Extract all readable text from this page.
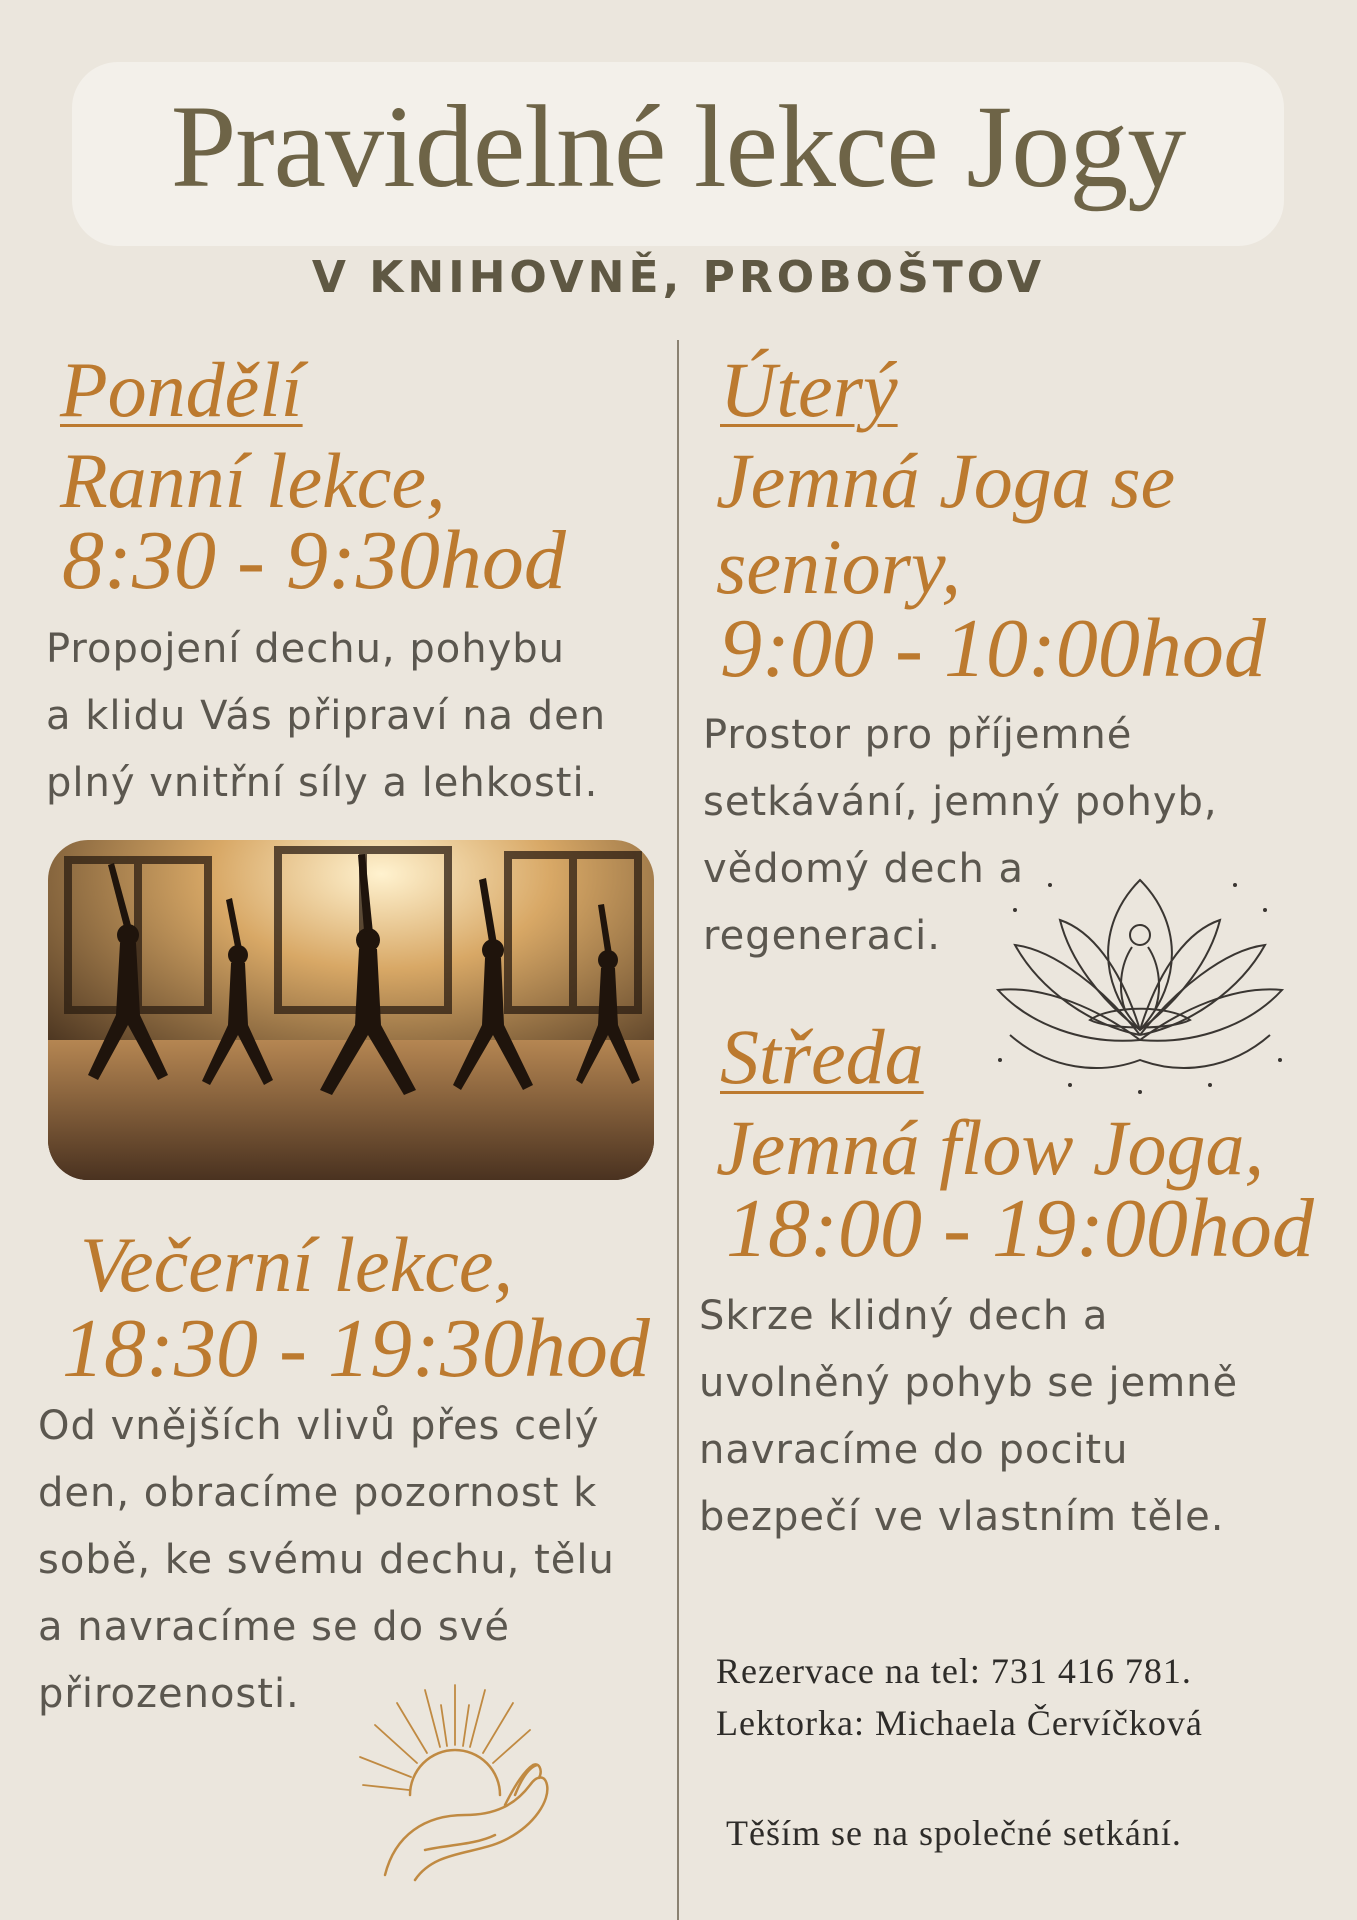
Pravidelné lekce Jogy
V KNIHOVNĚ, PROBOŠTOV
Pondělí
Ranní lekce,
8:30 - 9:30hod
Propojení dechu, pohybu
a klidu Vás připraví na den
plný vnitřní síly a lehkosti.
Večerní lekce,
18:30 - 19:30hod
Od vnějších vlivů přes celý
den, obracíme pozornost k
sobě, ke svému dechu, tělu
a navracíme se do své
přirozenosti.
Úterý
Jemná Joga se
seniory,
9:00 - 10:00hod
Prostor pro příjemné
setkávání, jemný pohyb,
vědomý dech a
regeneraci.
Středa
Jemná flow Joga,
18:00 - 19:00hod
Skrze klidný dech a
uvolněný pohyb se jemně
navracíme do pocitu
bezpečí ve vlastním těle.
Rezervace na tel: 731 416 781.
Lektorka: Michaela Červíčková
Těším se na společné setkání.
